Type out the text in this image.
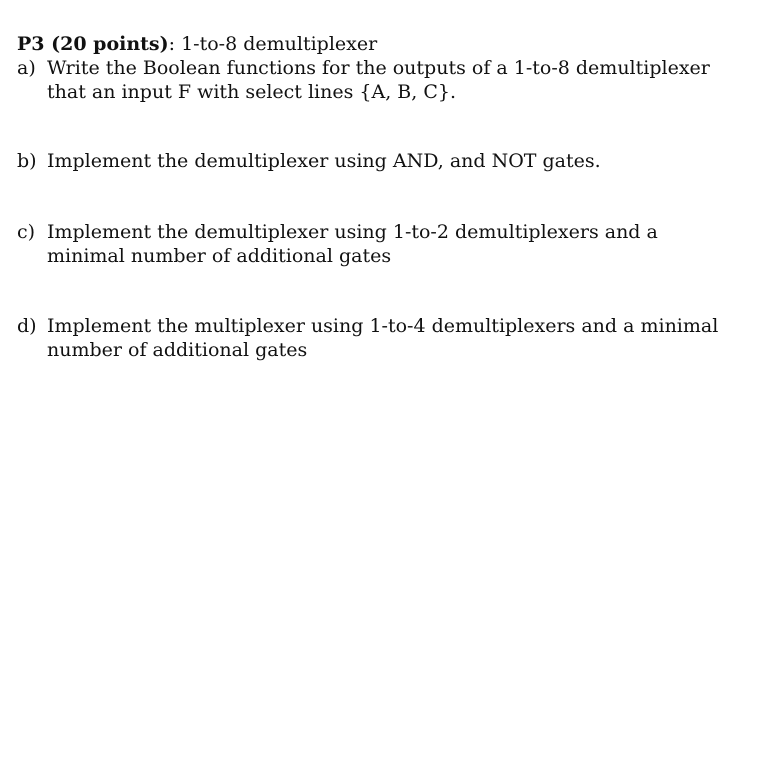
P3 (20 points): 1-to-8 demultiplexer

a) Write the Boolean functions for the outputs of a 1-to-8 demultiplexer
that an input F with select lines {A, B, C}.
b) Implement the demultiplexer using AND, and NOT gates.
c) Implement the demultiplexer using 1-to-2 demultiplexers and a
minimal number of additional gates
d) Implement the multiplexer using 1-to-4 demultiplexers and a minimal
number of additional gates
